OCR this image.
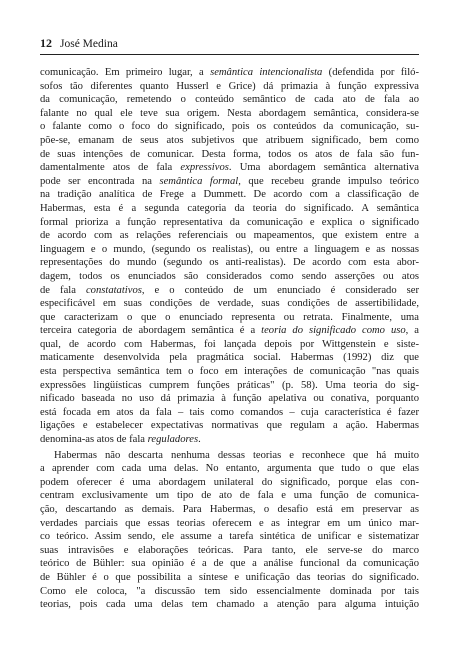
12 José Medina
comunicação. Em primeiro lugar, a semântica intencionalista (defendida por filó-
sofos tão diferentes quanto Husserl e Grice) dá primazia à função expressiva
da comunicação, remetendo o conteúdo semântico de cada ato de fala ao
falante no qual ele teve sua origem. Nesta abordagem semântica, considera-se
o falante como o foco do significado, pois os conteúdos da comunicação, su-
põe-se, emanam de seus atos subjetivos que atribuem significado, bem como
de suas intenções de comunicar. Desta forma, todos os atos de fala são fun-
damentalmente atos de fala expressivos. Uma abordagem semântica alternativa
pode ser encontrada na semântica formal, que recebeu grande impulso teórico
na tradição analítica de Frege a Dummett. De acordo com a classificação de
Habermas, esta é a segunda categoria da teoria do significado. A semântica
formal prioriza a função representativa da comunicação e explica o significado
de acordo com as relações referenciais ou mapeamentos, que existem entre a
linguagem e o mundo, (segundo os realistas), ou entre a linguagem e as nossas
representações do mundo (segundo os anti-realistas). De acordo com esta abor-
dagem, todos os enunciados são considerados como sendo asserções ou atos
de fala constatativos, e o conteúdo de um enunciado é considerado ser
especificável em suas condições de verdade, suas condições de assertibilidade,
que caracterizam o que o enunciado representa ou retrata. Finalmente, uma
terceira categoria de abordagem semântica é a teoria do significado como uso, a
qual, de acordo com Habermas, foi lançada depois por Wittgenstein e siste-
maticamente desenvolvida pela pragmática social. Habermas (1992) diz que
esta perspectiva semântica tem o foco em interações de comunicação "nas quais
expressões lingüísticas cumprem funções práticas" (p. 58). Uma teoria do sig-
nificado baseada no uso dá primazia à função apelativa ou conativa, porquanto
está focada em atos da fala – tais como comandos – cuja característica é fazer
ligações e estabelecer expectativas normativas que regulam a ação. Habermas
denomina-as atos de fala reguladores.
Habermas não descarta nenhuma dessas teorias e reconhece que há muito
a aprender com cada uma delas. No entanto, argumenta que tudo o que elas
podem oferecer é uma abordagem unilateral do significado, porque elas con-
centram exclusivamente um tipo de ato de fala e uma função de comunica-
ção, descartando as demais. Para Habermas, o desafio está em preservar as
verdades parciais que essas teorias oferecem e as integrar em um único mar-
co teórico. Assim sendo, ele assume a tarefa sintética de unificar e sistematizar
suas intravisões e elaborações teóricas. Para tanto, ele serve-se do marco
teórico de Bühler: sua opinião é a de que a análise funcional da comunicação
de Bühler é o que possibilita a síntese e unificação das teorias do significado.
Como ele coloca, "a discussão tem sido essencialmente dominada por tais
teorias, pois cada uma delas tem chamado a atenção para alguma intuição
